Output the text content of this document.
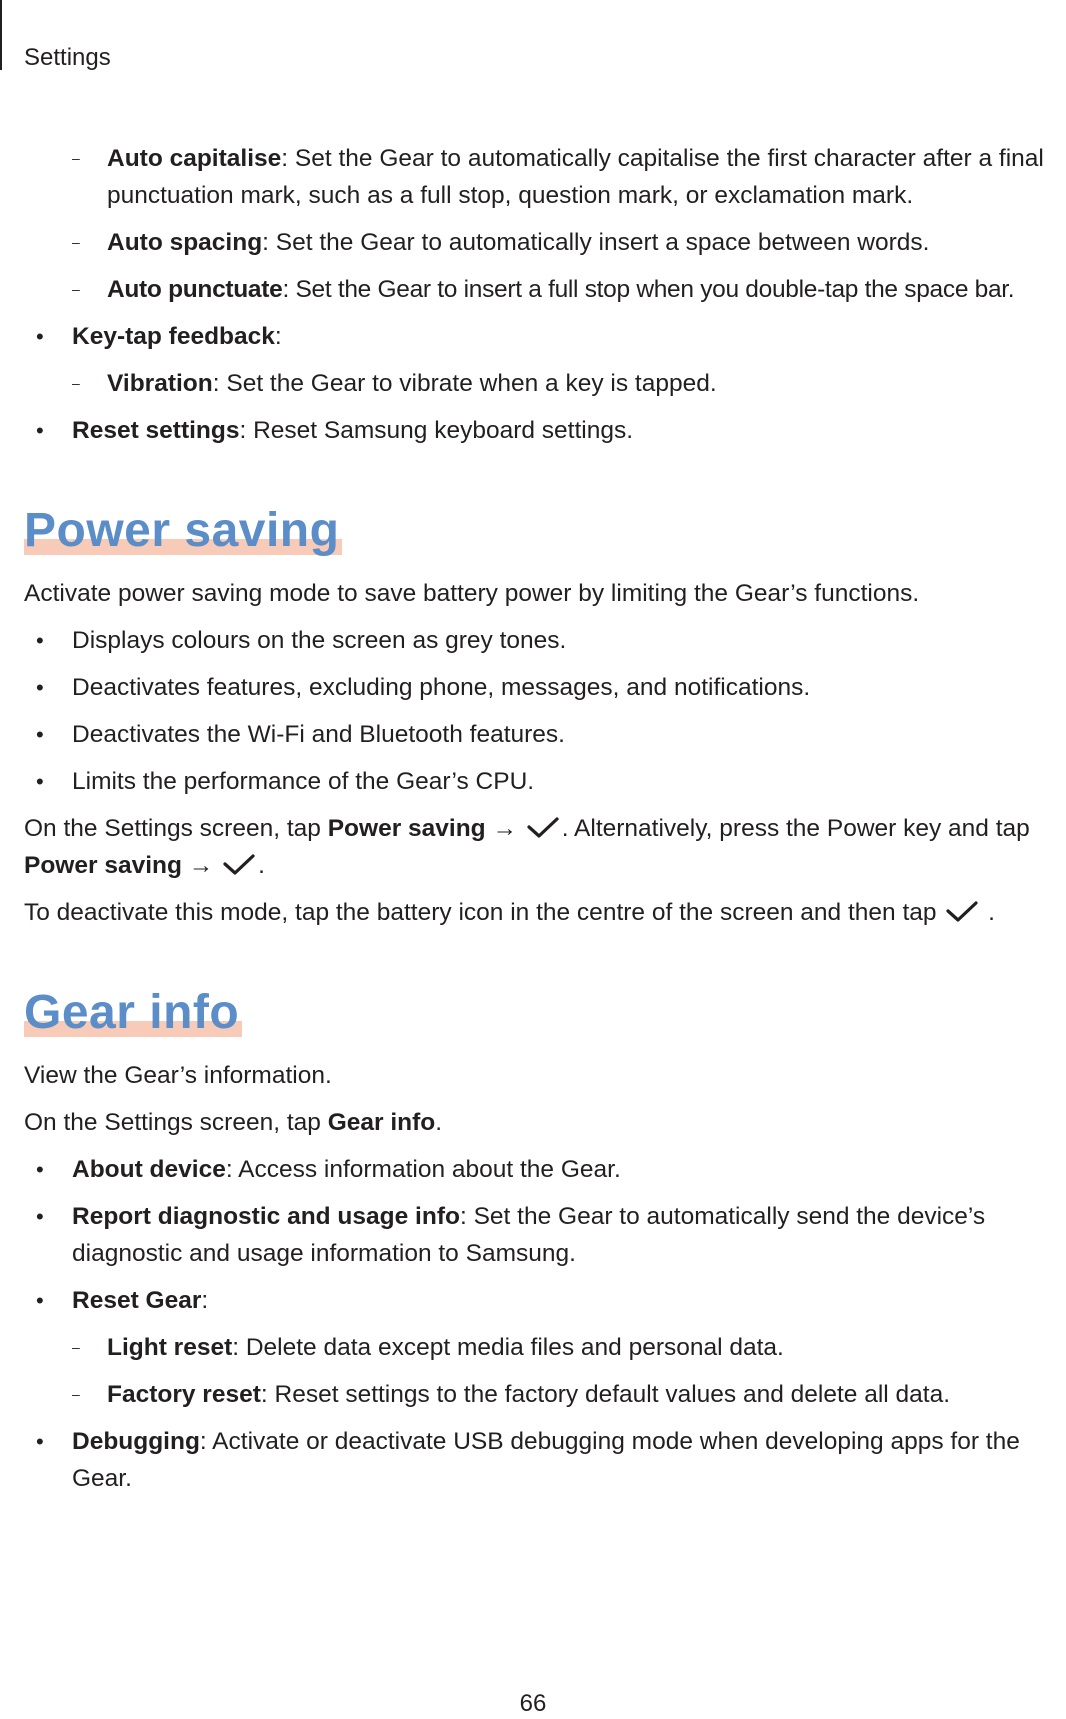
Settings
– Auto capitalise: Set the Gear to automatically capitalise the first character after a final punctuation mark, such as a full stop, question mark, or exclamation mark.
– Auto spacing: Set the Gear to automatically insert a space between words.
– Auto punctuate: Set the Gear to insert a full stop when you double-tap the space bar.
• Key-tap feedback:
– Vibration: Set the Gear to vibrate when a key is tapped.
• Reset settings: Reset Samsung keyboard settings.
Power saving
Activate power saving mode to save battery power by limiting the Gear’s functions.
• Displays colours on the screen as grey tones.
• Deactivates features, excluding phone, messages, and notifications.
• Deactivates the Wi-Fi and Bluetooth features.
• Limits the performance of the Gear’s CPU.
On the Settings screen, tap Power saving → . Alternatively, press the Power key and tap Power saving → .
To deactivate this mode, tap the battery icon in the centre of the screen and then tap .
Gear info
View the Gear’s information.
On the Settings screen, tap Gear info.
• About device: Access information about the Gear.
• Report diagnostic and usage info: Set the Gear to automatically send the device’s diagnostic and usage information to Samsung.
• Reset Gear:
– Light reset: Delete data except media files and personal data.
– Factory reset: Reset settings to the factory default values and delete all data.
• Debugging: Activate or deactivate USB debugging mode when developing apps for the Gear.
66
